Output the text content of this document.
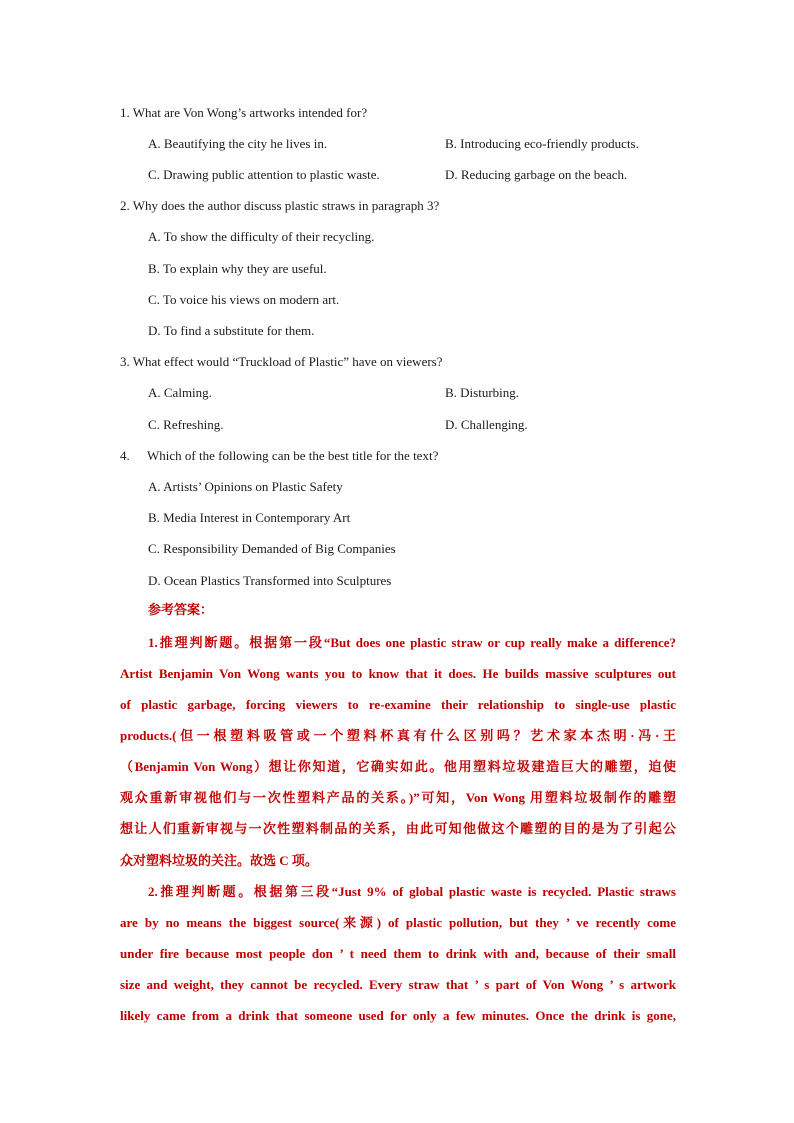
1. What are Von Wong’s artworks intended for?
A. Beautifying the city he lives in.	B. Introducing eco-friendly products.
C. Drawing public attention to plastic waste.	D. Reducing garbage on the beach.
2. Why does the author discuss plastic straws in paragraph 3?
A. To show the difficulty of their recycling.
B. To explain why they are useful.
C. To voice his views on modern art.
D. To find a substitute for them.
3. What effect would “Truckload of Plastic” have on viewers?
A. Calming.	B. Disturbing.
C. Refreshing.	D. Challenging.
4. Which of the following can be the best title for the text?
A. Artists’ Opinions on Plastic Safety
B. Media Interest in Contemporary Art
C. Responsibility Demanded of Big Companies
D. Ocean Plastics Transformed into Sculptures
参考答案：
1.推理判断题。根据第一段“But does one plastic straw or cup really make a difference?
Artist Benjamin Von Wong wants you to know that it does. He builds massive sculptures out
of plastic garbage, forcing viewers to re-examine their relationship to single-use plastic
products.(但一根塑料吸管或一个塑料杯真有什么区别吗？艺术家本杰明·冯·王
（Benjamin Von Wong）想让你知道，它确实如此。他用塑料垃圾建造巨大的雕塑，迫使
观众重新审视他们与一次性塑料产品的关系。)”可知，Von Wong 用塑料垃圾制作的雕塑
想让人们重新审视与一次性塑料制品的关系，由此可知他做这个雕塑的目的是为了引起公
众对塑料垃圾的关注。故选 C 项。
2.推理判断题。根据第三段“Just 9% of global plastic waste is recycled. Plastic straws
are by no means the biggest source(来源) of plastic pollution, but they ’ ve recently come
under fire because most people don ’ t need them to drink with and, because of their small
size and weight, they cannot be recycled. Every straw that ’ s part of Von Wong ’ s artwork
likely came from a drink that someone used for only a few minutes. Once the drink is gone,
